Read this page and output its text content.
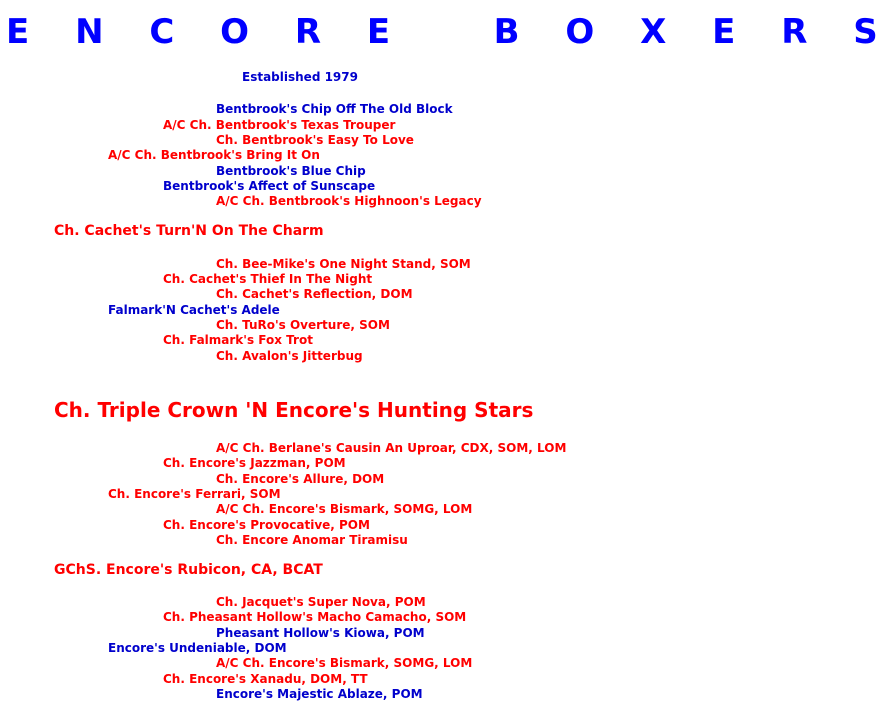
E N C O R E   B O X E R S
Established 1979
Bentbrook's Chip Off The Old Block
A/C Ch. Bentbrook's Texas Trouper
Ch. Bentbrook's Easy To Love
A/C Ch. Bentbrook's Bring It On
Bentbrook's Blue Chip
Bentbrook's Affect of Sunscape
A/C Ch. Bentbrook's Highnoon's Legacy
Ch. Cachet's Turn'N On The Charm
Ch. Bee-Mike's One Night Stand, SOM
Ch. Cachet's Thief In The Night
Ch. Cachet's Reflection, DOM
Falmark'N Cachet's Adele
Ch. TuRo's Overture, SOM
Ch. Falmark's Fox Trot
Ch. Avalon's Jitterbug
Ch. Triple Crown 'N Encore's Hunting Stars
A/C Ch. Berlane's Causin An Uproar, CDX, SOM, LOM
Ch. Encore's Jazzman, POM
Ch. Encore's Allure, DOM
Ch. Encore's Ferrari, SOM
A/C Ch. Encore's Bismark, SOMG, LOM
Ch. Encore's Provocative, POM
Ch. Encore Anomar Tiramisu
GChS. Encore's Rubicon, CA, BCAT
Ch. Jacquet's Super Nova, POM
Ch. Pheasant Hollow's Macho Camacho, SOM
Pheasant Hollow's Kiowa, POM
Encore's Undeniable, DOM
A/C Ch. Encore's Bismark, SOMG, LOM
Ch. Encore's Xanadu, DOM, TT
Encore's Majestic Ablaze, POM
